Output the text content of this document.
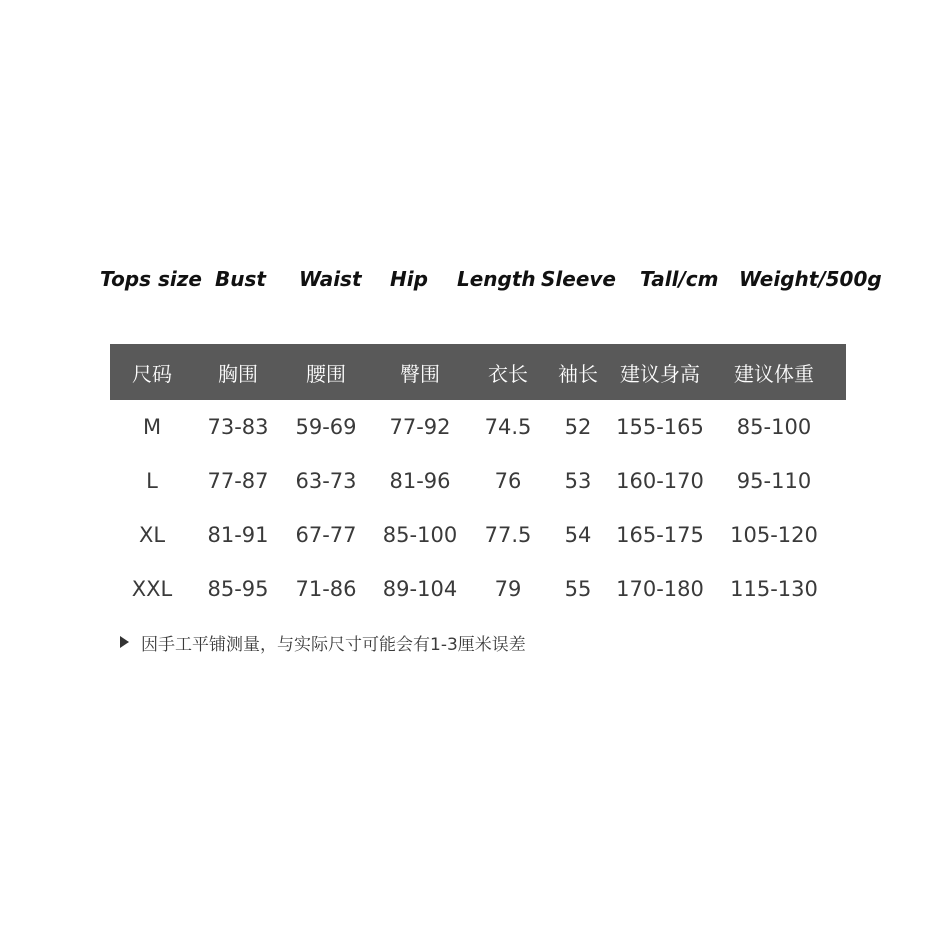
Tops size Bust Waist Hip Length Sleeve Tall/cm Weight/500g
尺码	胸围	腰围	臀围	衣长	袖长	建议身高	建议体重
M	73-83	59-69	77-92	74.5	52	155-165	85-100
L	77-87	63-73	81-96	76	53	160-170	95-110
XL	81-91	67-77	85-100	77.5	54	165-175	105-120
XXL	85-95	71-86	89-104	79	55	170-180	115-130
因手工平铺测量，与实际尺寸可能会有1-3厘米误差
